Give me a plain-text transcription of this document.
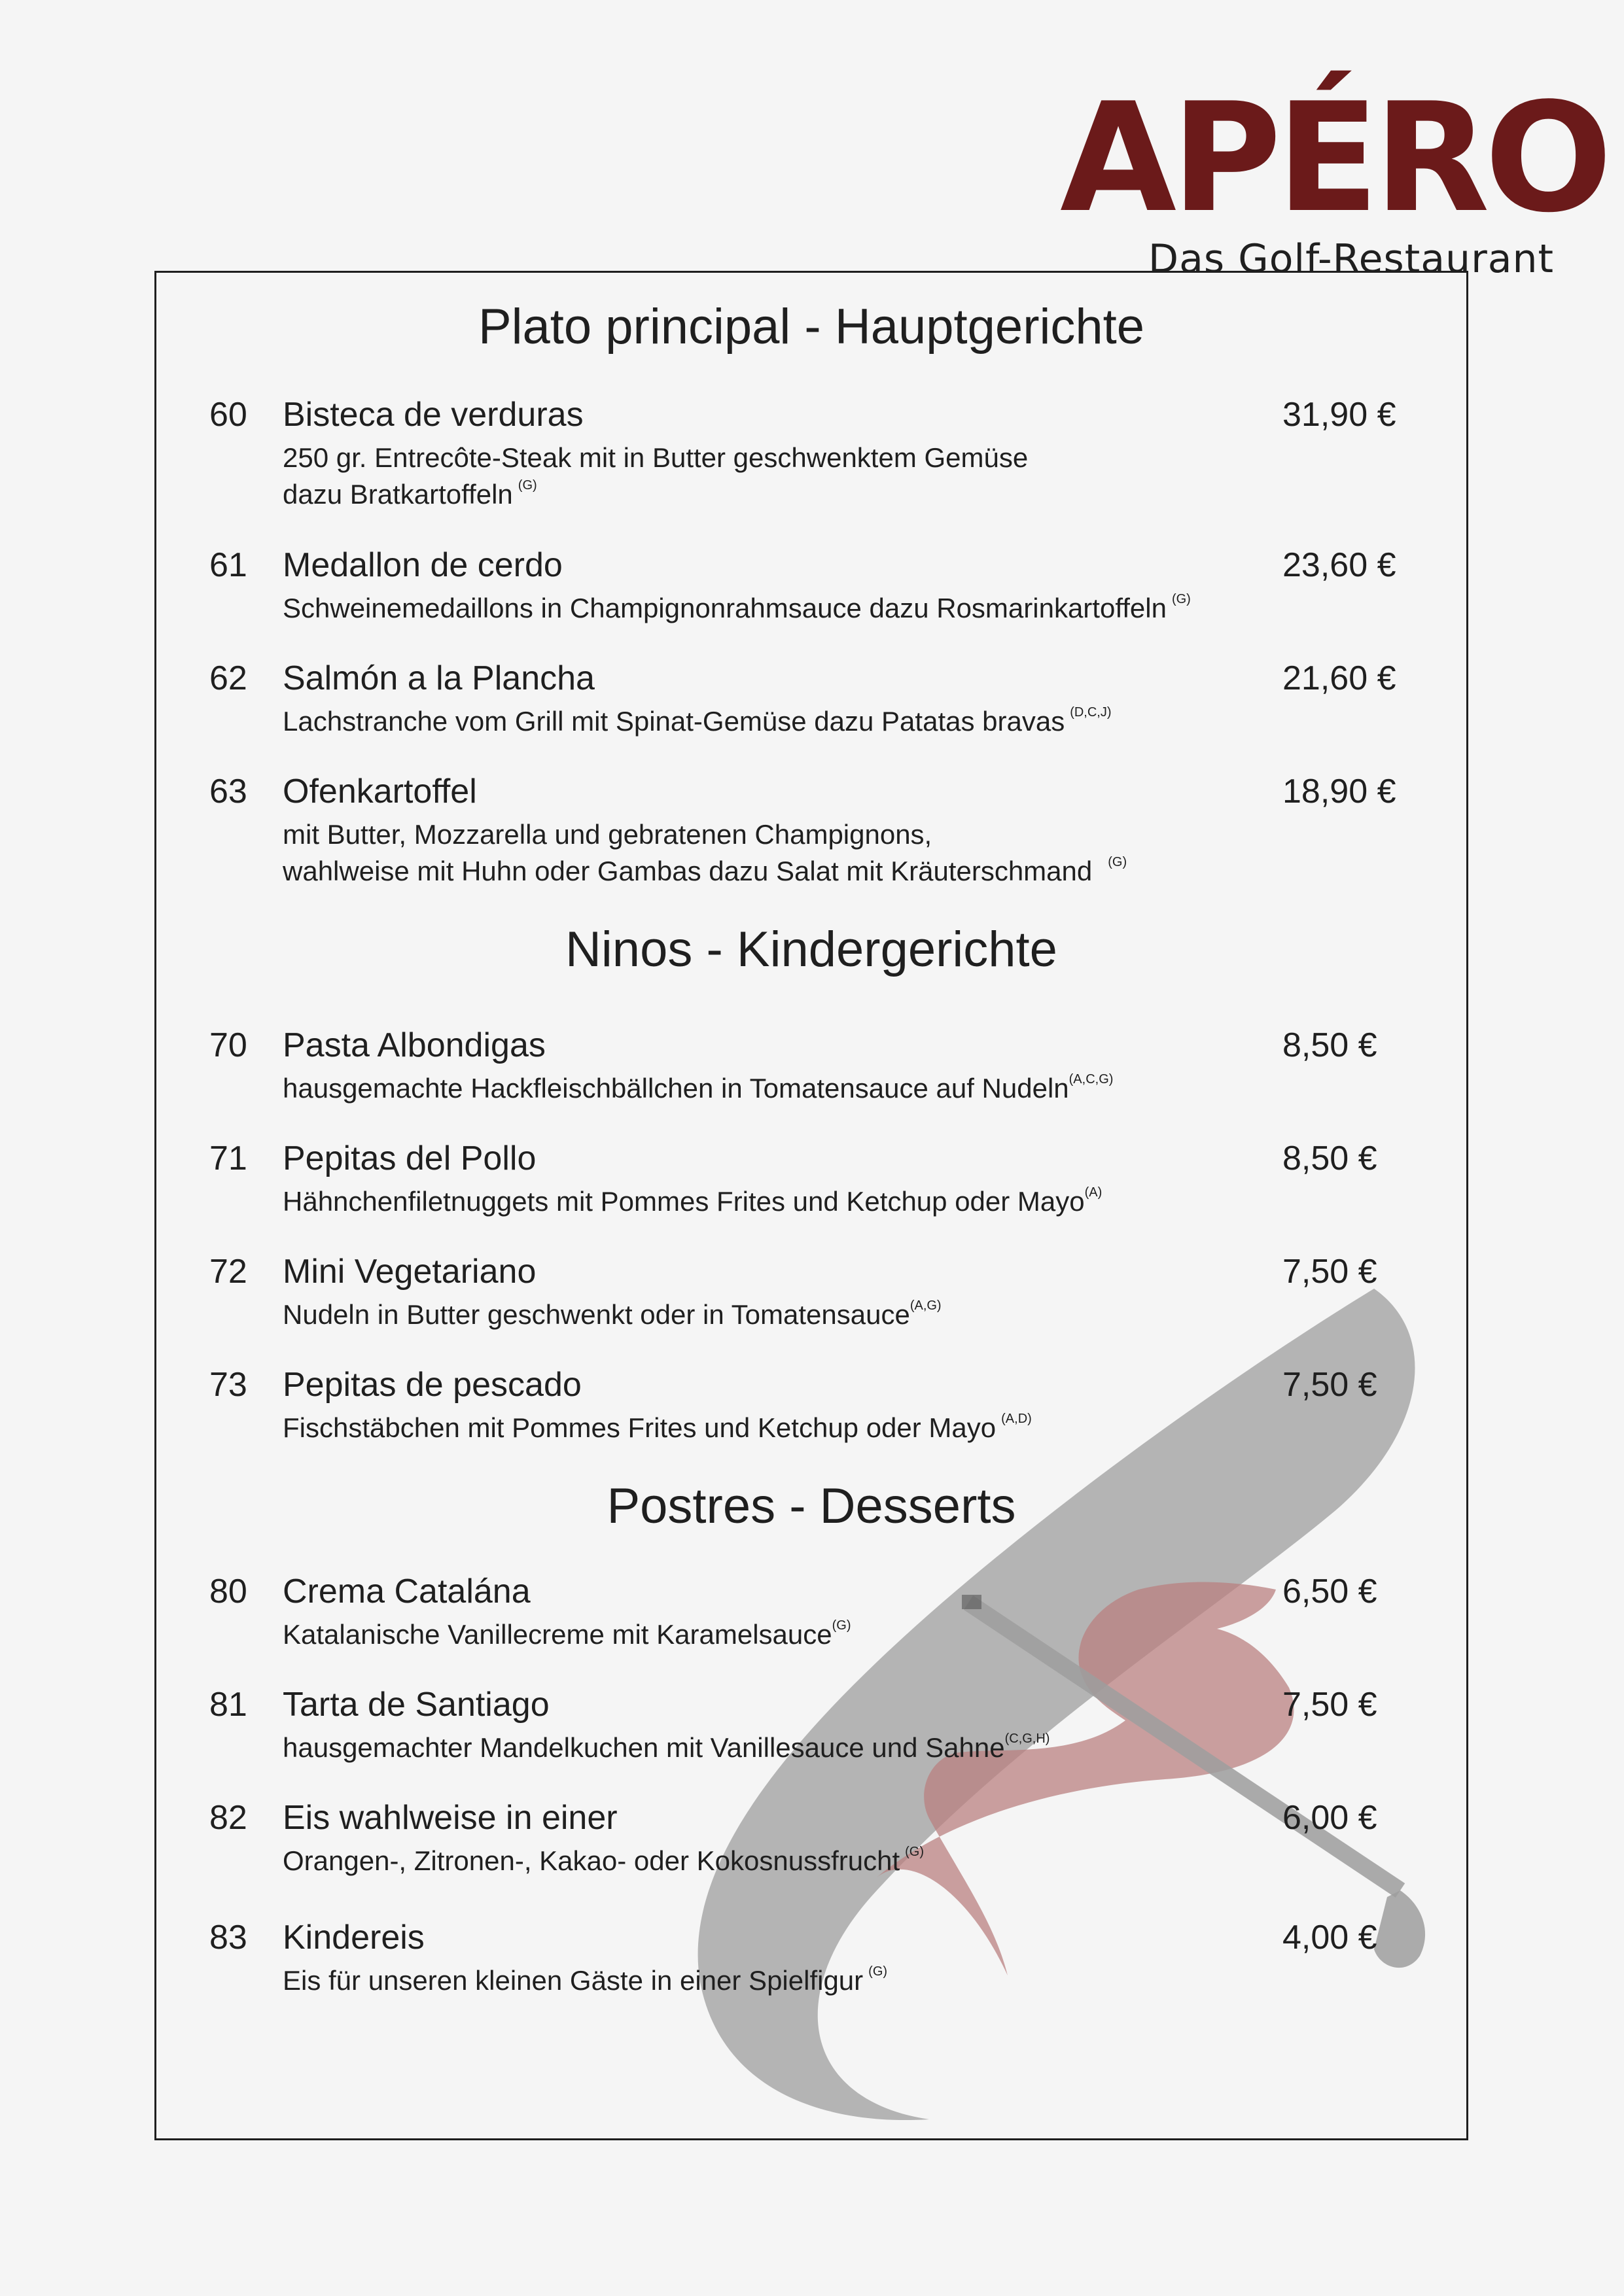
APÉRO
Das Golf-Restaurant
Plato principal - Hauptgerichte
60 Bisteca de verduras	31,90 €
250 gr. Entrecôte-Steak mit in Butter geschwenktem Gemüse
dazu Bratkartoffeln $^{(G)}$
61 Medallon de cerdo	23,60 €
Schweinemedaillons in Champignonrahmsauce dazu Rosmarinkartoffeln $^{(G)}$
62 Salmón a la Plancha	21,60 €
Lachstranche vom Grill mit Spinat-Gemüse dazu Patatas bravas $^{(D,C,J)}$
63 Ofenkartoffel	18,90 €
mit Butter, Mozzarella und gebratenen Champignons,
wahlweise mit Huhn oder Gambas dazu Salat mit Kräuterschmand $^{(G)}$
Ninos - Kindergerichte
70 Pasta Albondigas	8,50 €
hausgemachte Hackfleischbällchen in Tomatensauce auf Nudeln$^{(A,C,G)}$
71 Pepitas del Pollo	8,50 €
Hähnchenfiletnuggets mit Pommes Frites und Ketchup oder Mayo$^{(A)}$
72 Mini Vegetariano	7,50 €
Nudeln in Butter geschwenkt oder in Tomatensauce$^{(A,G)}$
73 Pepitas de pescado	7,50 €
Fischstäbchen mit Pommes Frites und Ketchup oder Mayo $^{(A,D)}$
Postres - Desserts
80 Crema Catalána	6,50 €
Katalanische Vanillecreme mit Karamelsauce$^{(G)}$
81 Tarta de Santiago	7,50 €
hausgemachter Mandelkuchen mit Vanillesauce und Sahne$^{(C,G,H)}$
82 Eis wahlweise in einer	6,00 €
Orangen-, Zitronen-, Kakao- oder Kokosnussfrucht $^{(G)}$
83 Kindereis	4,00 €
Eis für unseren kleinen Gäste in einer Spielfigur $^{(G)}$
